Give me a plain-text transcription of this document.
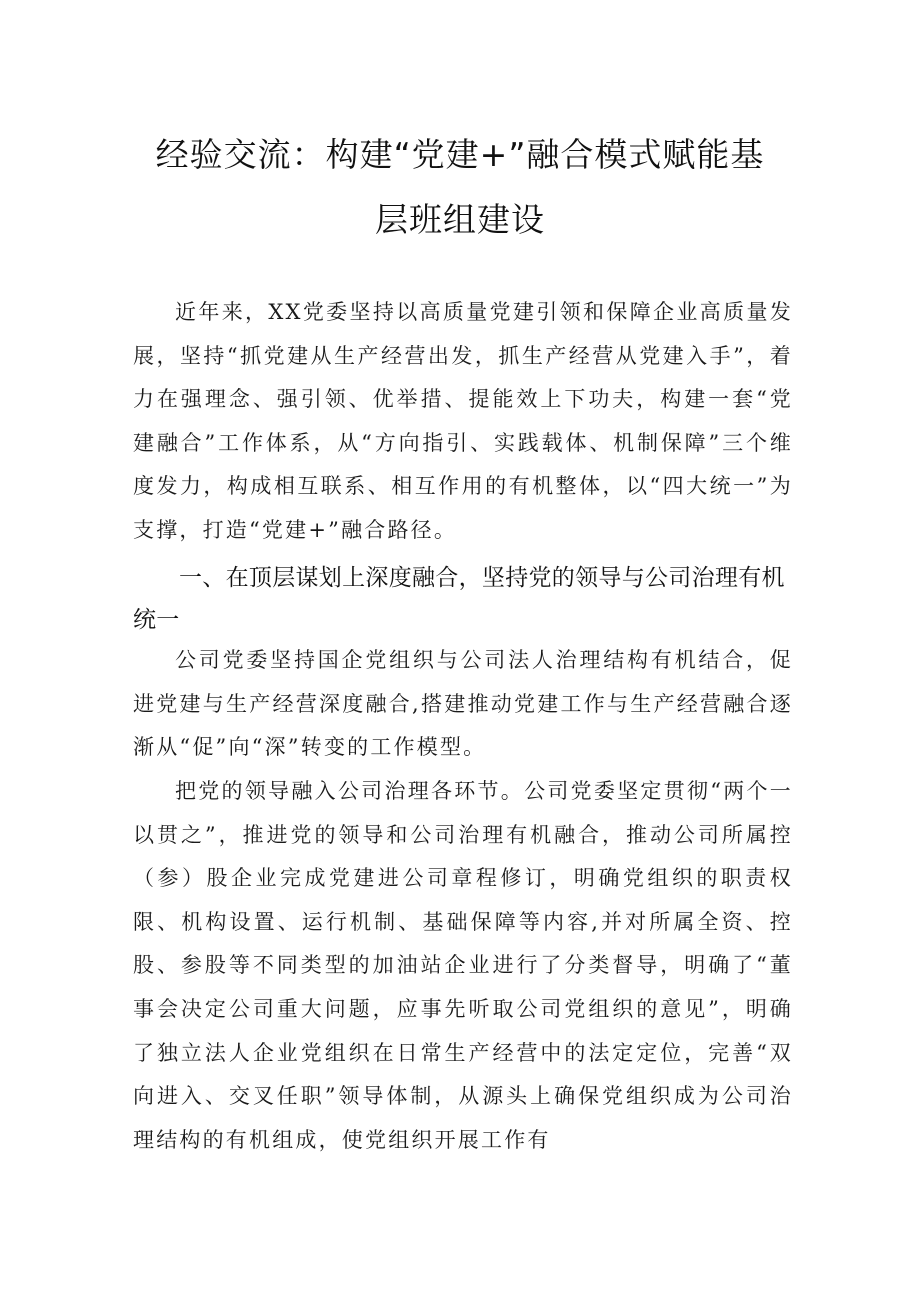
经验交流：构建“党建+”融合模式赋能基
层班组建设

近年来，XX党委坚持以高质量党建引领和保障企业高质量发展，坚持“抓党建从生产经营出发，抓生产经营从党建入手”，着力在强理念、强引领、优举措、提能效上下功夫，构建一套“党建融合”工作体系，从“方向指引、实践载体、机制保障”三个维度发力，构成相互联系、相互作用的有机整体，以“四大统一”为支撑，打造“党建+”融合路径。

一、在顶层谋划上深度融合，坚持党的领导与公司治理有机统一

公司党委坚持国企党组织与公司法人治理结构有机结合，促进党建与生产经营深度融合,搭建推动党建工作与生产经营融合逐渐从“促”向“深”转变的工作模型。

把党的领导融入公司治理各环节。公司党委坚定贯彻“两个一以贯之”，推进党的领导和公司治理有机融合，推动公司所属控（参）股企业完成党建进公司章程修订，明确党组织的职责权限、机构设置、运行机制、基础保障等内容,并对所属全资、控股、参股等不同类型的加油站企业进行了分类督导，明确了“董事会决定公司重大问题，应事先听取公司党组织的意见”，明确了独立法人企业党组织在日常生产经营中的法定定位，完善“双向进入、交叉任职”领导体制，从源头上确保党组织成为公司治理结构的有机组成，使党组织开展工作有
